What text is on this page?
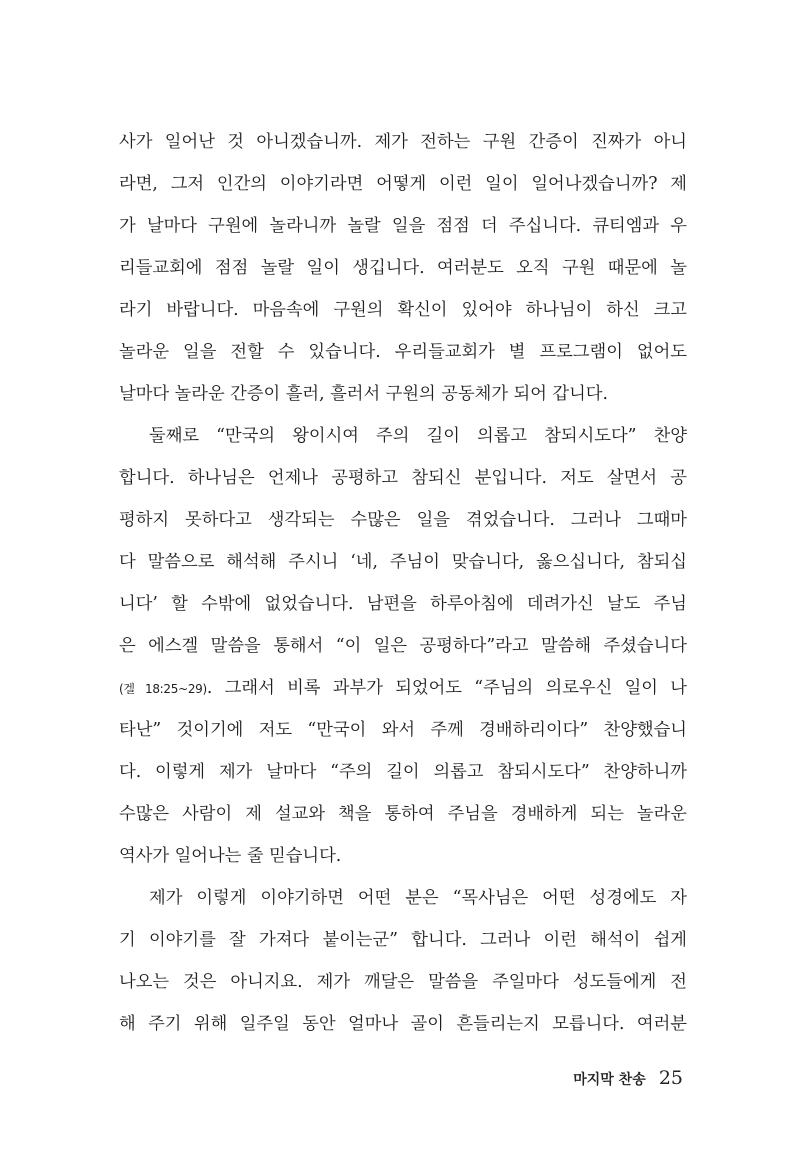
사가 일어난 것 아니겠습니까. 제가 전하는 구원 간증이 진짜가 아니
라면, 그저 인간의 이야기라면 어떻게 이런 일이 일어나겠습니까? 제
가 날마다 구원에 놀라니까 놀랄 일을 점점 더 주십니다. 큐티엠과 우
리들교회에 점점 놀랄 일이 생깁니다. 여러분도 오직 구원 때문에 놀
라기 바랍니다. 마음속에 구원의 확신이 있어야 하나님이 하신 크고
놀라운 일을 전할 수 있습니다. 우리들교회가 별 프로그램이 없어도
날마다 놀라운 간증이 흘러, 흘러서 구원의 공동체가 되어 갑니다.
둘째로 “만국의 왕이시여 주의 길이 의롭고 참되시도다” 찬양
합니다. 하나님은 언제나 공평하고 참되신 분입니다. 저도 살면서 공
평하지 못하다고 생각되는 수많은 일을 겪었습니다. 그러나 그때마
다 말씀으로 해석해 주시니 ‘네, 주님이 맞습니다, 옳으십니다, 참되십
니다’ 할 수밖에 없었습니다. 남편을 하루아침에 데려가신 날도 주님
은 에스겔 말씀을 통해서 “이 일은 공평하다”라고 말씀해 주셨습니다
(겔 18:25~29). 그래서 비록 과부가 되었어도 “주님의 의로우신 일이 나
타난” 것이기에 저도 “만국이 와서 주께 경배하리이다” 찬양했습니
다. 이렇게 제가 날마다 “주의 길이 의롭고 참되시도다” 찬양하니까
수많은 사람이 제 설교와 책을 통하여 주님을 경배하게 되는 놀라운
역사가 일어나는 줄 믿습니다.
제가 이렇게 이야기하면 어떤 분은 “목사님은 어떤 성경에도 자
기 이야기를 잘 가져다 붙이는군” 합니다. 그러나 이런 해석이 쉽게
나오는 것은 아니지요. 제가 깨달은 말씀을 주일마다 성도들에게 전
해 주기 위해 일주일 동안 얼마나 골이 흔들리는지 모릅니다. 여러분
마지막 찬송 25
